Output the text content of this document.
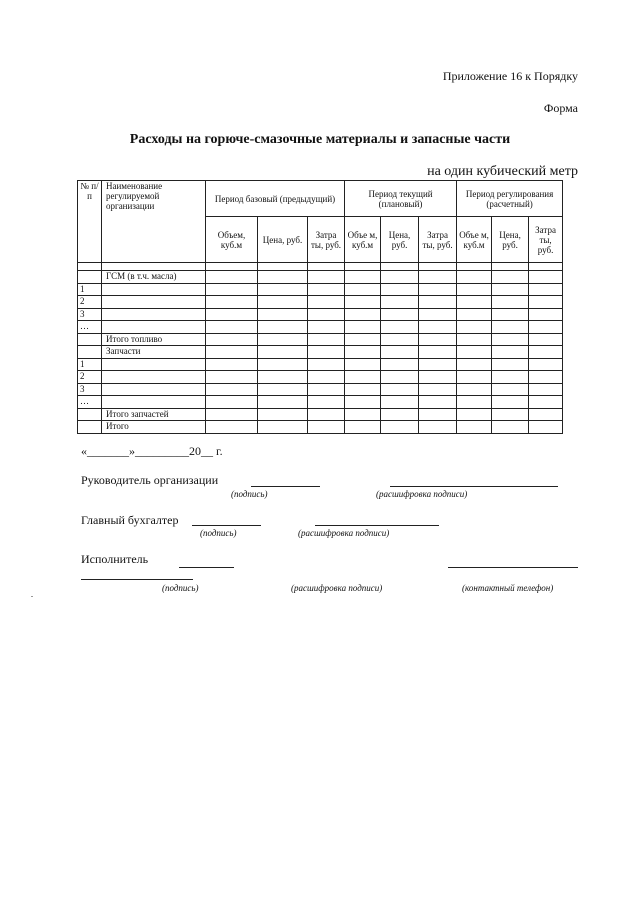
Приложение 16 к Порядку
Форма
Расходы на горюче-смазочные материалы и запасные части
на один кубический метр
№ п/п	Наименование регулируемой организации	Период базовый (предыдущий)			Период текущий (плановый)			Период регулирования (расчетный)		
		Объем, куб.м	Цена, руб.	Затра ты, руб.	Объе м, куб.м	Цена, руб.	Затра ты, руб.	Объе м, куб.м	Цена, руб.	Затра ты, руб.

	ГСМ (в т.ч. масла)									
1										
2										
3										
…										
	Итого топливо									
	Запчасти									
1										
2										
3										
…										
	Итого запчастей									
	Итого									
«_______»_________20__ г.
Руководитель организации
(подпись)	(расшифровка подписи)
Главный бухгалтер
(подпись)	(расшифровка подписи)
Исполнитель
(подпись)	(расшифровка подписи)	(контактный телефон)
